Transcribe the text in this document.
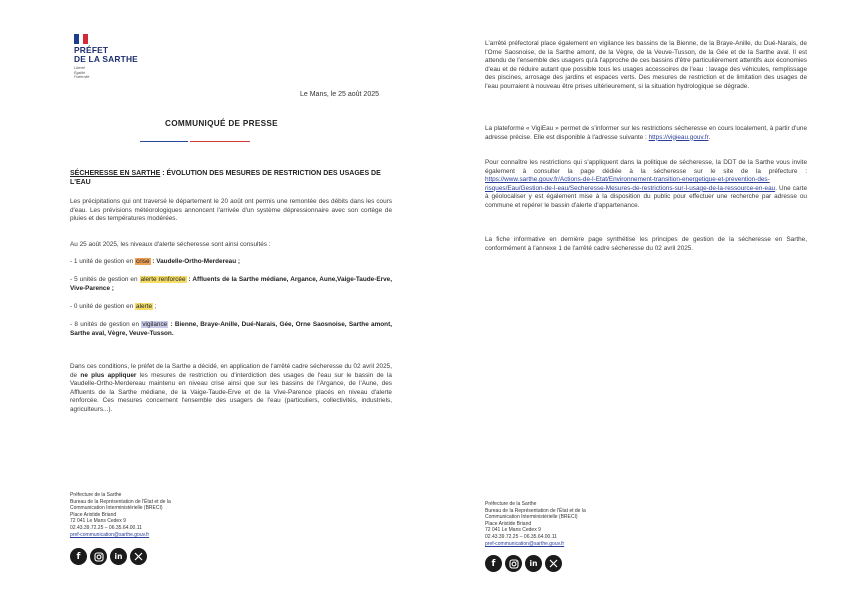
PRÉFET
DE LA SARTHE
Liberté
Égalité
Fraternité
Le Mans, le 25 août 2025
COMMUNIQUÉ DE PRESSE
SÉCHERESSE EN SARTHE : ÉVOLUTION DES MESURES DE RESTRICTION DES USAGES DE L'EAU
Les précipitations qui ont traversé le département le 20 août ont permis une remontée des débits dans les cours d'eau. Les prévisions météorologiques annoncent l'arrivée d'un système dépressionnaire avec son cortège de pluies et des températures modérées.
Au 25 août 2025, les niveaux d'alerte sécheresse sont ainsi consultés :
- 1 unité de gestion en crise : Vaudelle-Ortho-Merdereau ;
- 5 unités de gestion en alerte renforcée : Affluents de la Sarthe médiane, Argance, Aune,Vaige-Taude-Erve, Vive-Parence ;
- 0 unité de gestion en alerte ;
- 8 unités de gestion en vigilance : Bienne, Braye-Anille, Dué-Narais, Gée, Orne Saosnoise, Sarthe amont, Sarthe aval, Vègre, Veuve-Tusson.
Dans ces conditions, le préfet de la Sarthe a décidé, en application de l'arrêté cadre sécheresse du 02 avril 2025, de ne plus appliquer les mesures de restriction ou d'interdiction des usages de l'eau sur le bassin de la Vaudelle-Ortho-Merdereau maintenu en niveau crise ainsi que sur les bassins de l'Argance, de l'Aune, des Affluents de la Sarthe médiane, de la Vaige-Taude-Erve et de la Vive-Parence placés en niveau d'alerte renforcée. Ces mesures concernent l'ensemble des usagers de l'eau (particuliers, collectivités, industriels, agriculteurs...).
Préfecture de la Sarthe
Bureau de la Représentation de l'État et de la
Communication Interministérielle (BRECI)
Place Aristide Briand
72 041 Le Mans Cedex 9
02.43.39.72.25 – 06.35.64.00.11
pref-communication@sarthe.gouv.fr
f	in
L'arrêté préfectoral place également en vigilance les bassins de la Bienne, de la Braye-Anille, du Dué-Narais, de l'Orne Saosnoise, de la Sarthe amont, de la Vègre, de la Veuve-Tusson, de la Gée et de la Sarthe aval. Il est attendu de l'ensemble des usagers qu'à l'approche de ces bassins d'être particulièrement attentifs aux économies d'eau et de réduire autant que possible tous les usages accessoires de l'eau : lavage des véhicules, remplissage des piscines, arrosage des jardins et espaces verts. Des mesures de restriction et de limitation des usages de l'eau pourraient à nouveau être prises ultérieurement, si la situation hydrologique se dégrade.
La plateforme « VigiEau » permet de s'informer sur les restrictions sécheresse en cours localement, à partir d'une adresse précise. Elle est disponible à l'adresse suivante : https://vigieau.gouv.fr.
Pour connaître les restrictions qui s'appliquent dans la politique de sécheresse, la DDT de la Sarthe vous invite également à consulter la page dédiée à la sécheresse sur le site de la préfecture : https://www.sarthe.gouv.fr/Actions-de-l-Etat/Environnement-transition-energetique-et-prevention-des-risques/Eau/Gestion-de-l-eau/Secheresse-Mesures-de-restrictions-sur-l-usage-de-la-ressource-en-eau. Une carte à géolocaliser y est également mise à la disposition du public pour effectuer une recherche par adresse ou commune et repérer le bassin d'alerte d'appartenance.
La fiche informative en dernière page synthétise les principes de gestion de la sécheresse en Sarthe, conformément à l'annexe 1 de l'arrêté cadre sécheresse du 02 avril 2025.
Préfecture de la Sarthe
Bureau de la Représentation de l'État et de la
Communication Interministérielle (BRECI)
Place Aristide Briand
72 041 Le Mans Cedex 9
02.43.39.72.25 – 06.35.64.00.11
pref-communication@sarthe.gouv.fr
f	in
